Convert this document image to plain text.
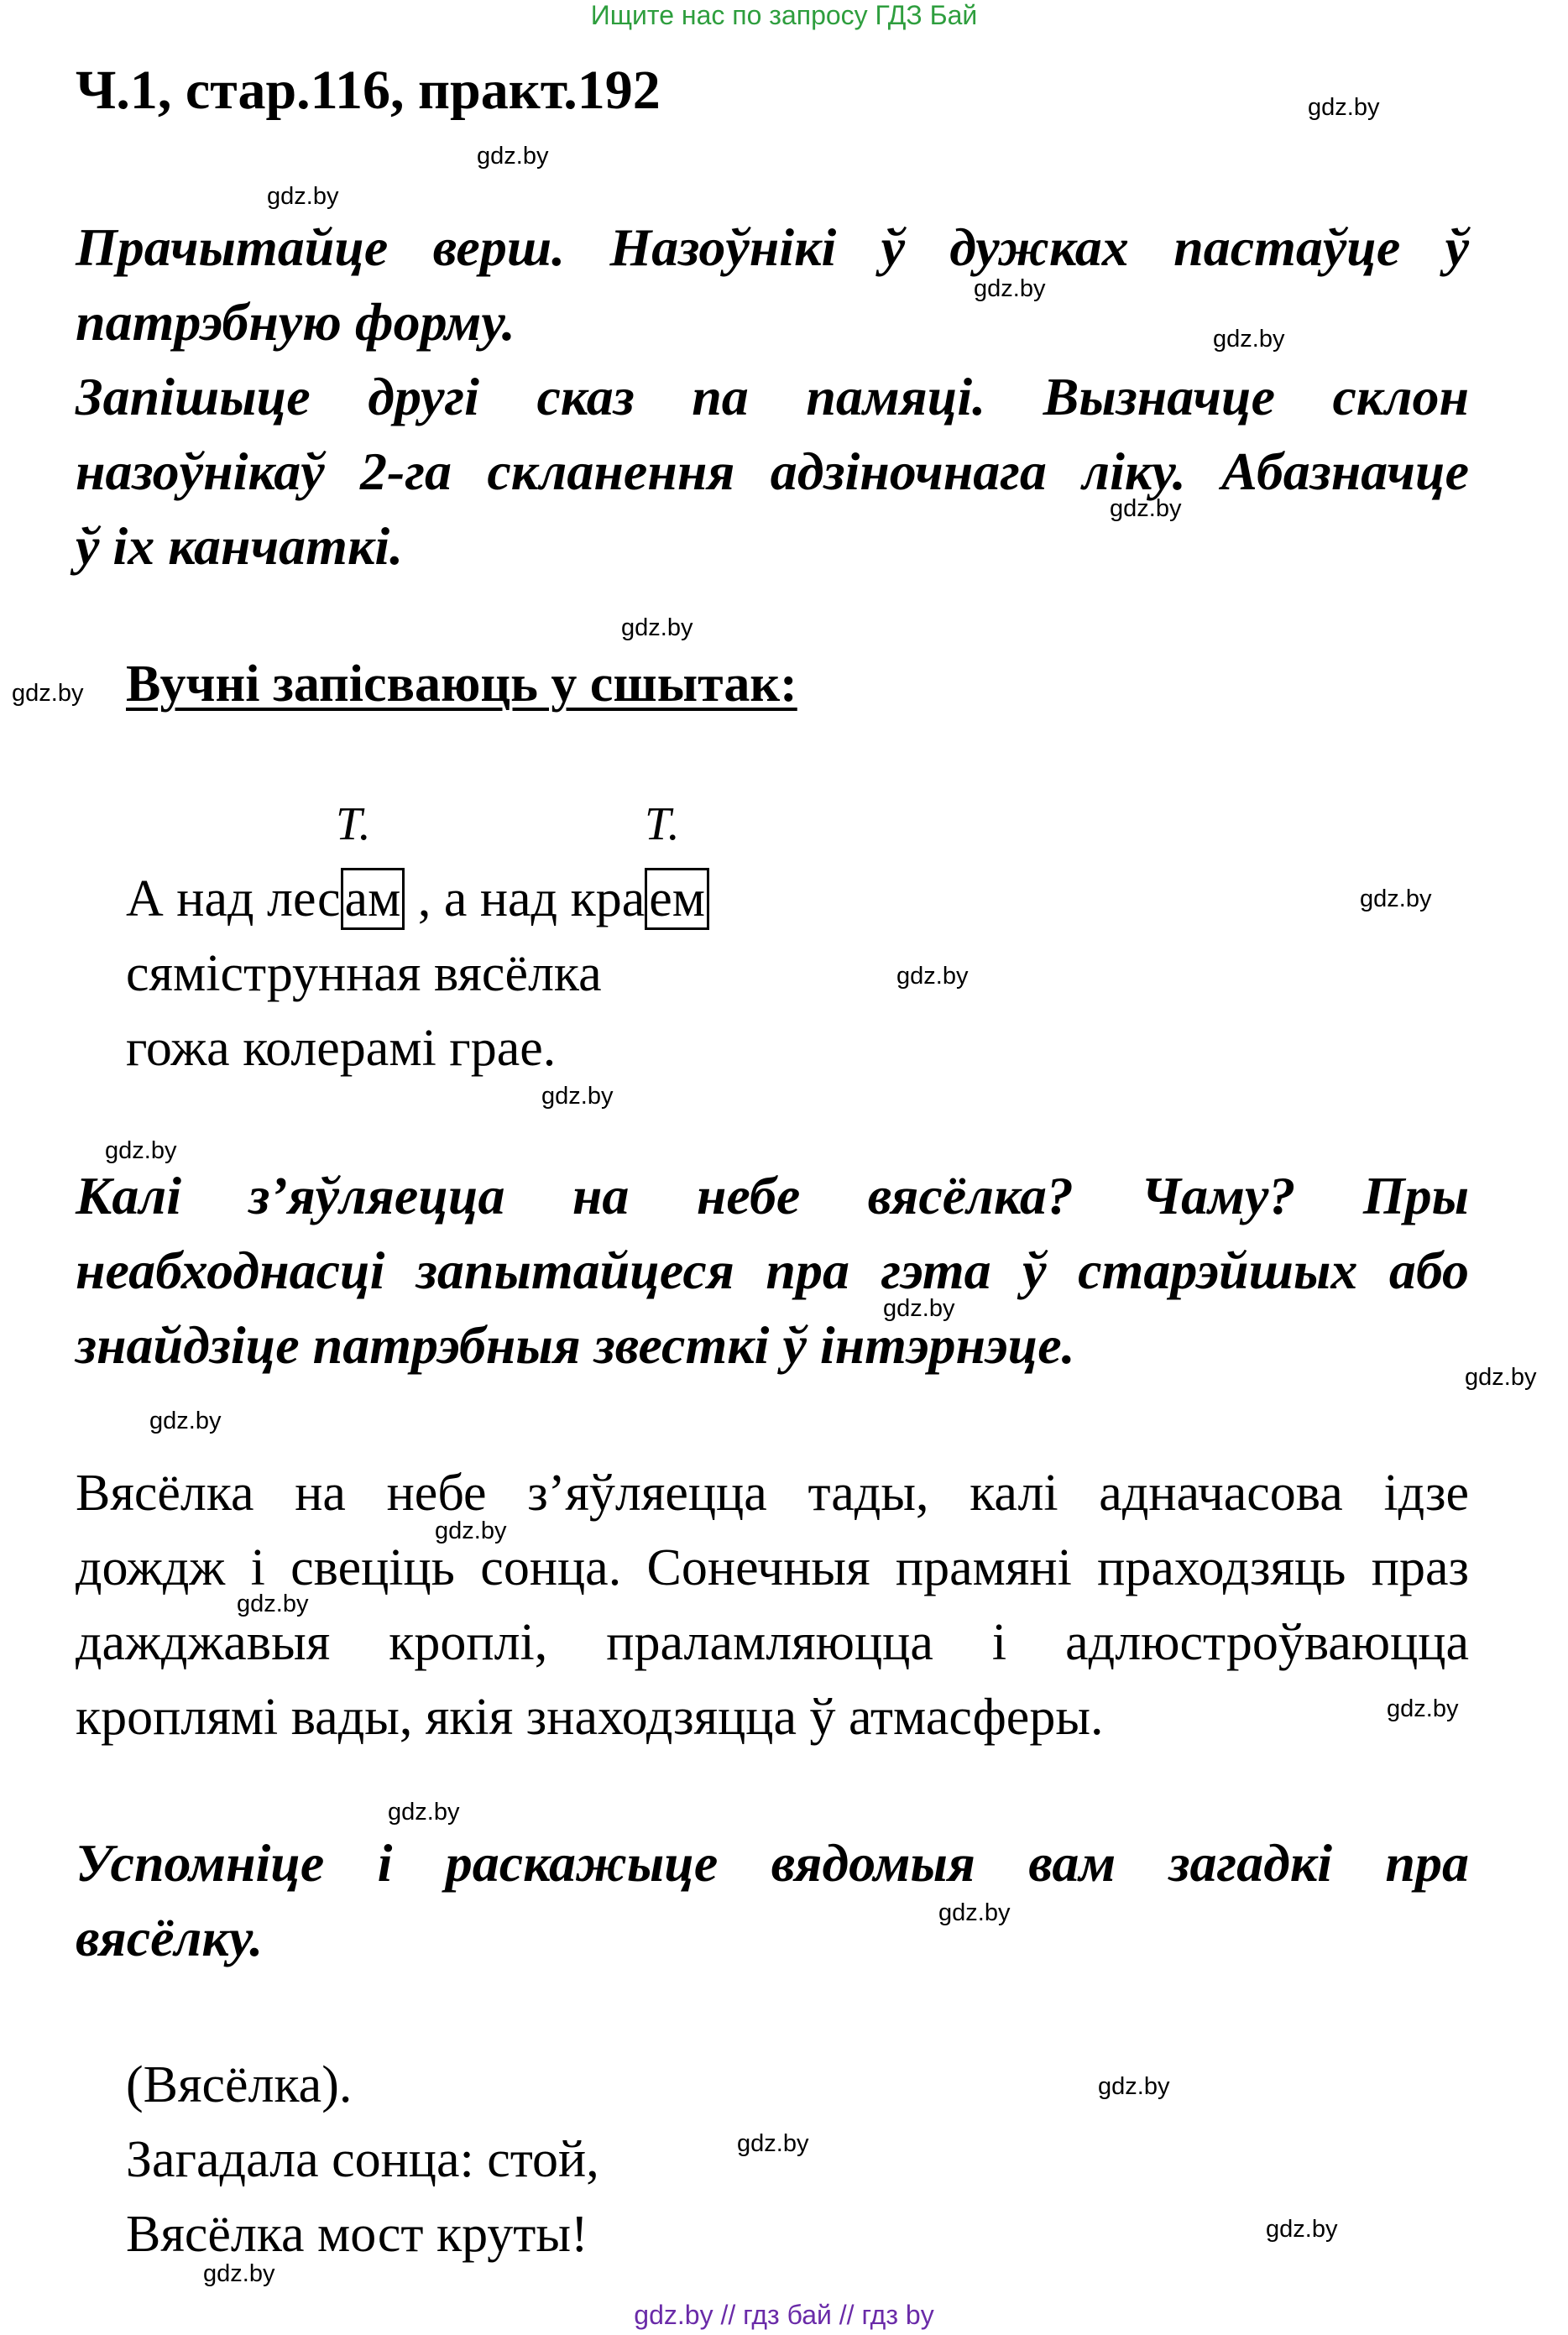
Ищите нас по запросу ГДЗ Бай
Ч.1, стар.116, практ.192
Прачытайце верш. Назоўнікі ў дужках пастаўце ў
патрэбную форму.
Запішыце другі сказ па памяці. Вызначце склон
назоўнікаў 2-га скланення адзіночнага ліку. Абазначце
ў іх канчаткі.
Вучні запісваюць у сшытак:
Т.	Т.
А над лесам , а над краем
сяміструнная вясёлка
гожа колерамі грае.
Калі з’яўляецца на небе вясёлка? Чаму? Пры
неабходнасці запытайцеся пра гэта ў старэйшых або
знайдзіце патрэбныя звесткі ў інтэрнэце.
Вясёлка на небе з’яўляецца тады, калі адначасова ідзе
дождж і свеціць сонца. Сонечныя прамяні праходзяць праз
дажджавыя кроплі, праламляюцца і адлюстроўваюцца
кроплямі вады, якія знаходзяцца ў атмасферы.
Успомніце і раскажыце вядомыя вам загадкі пра
вясёлку.
(Вясёлка).
Загадала сонца: стой,
Вясёлка мост круты!
gdz.by
gdz.by
gdz.by
gdz.by
gdz.by
gdz.by
gdz.by
gdz.by
gdz.by
gdz.by
gdz.by
gdz.by
gdz.by
gdz.by
gdz.by
gdz.by
gdz.by
gdz.by
gdz.by
gdz.by
gdz.by
gdz.by
gdz.by
gdz.by
gdz.by // гдз бай // гдз by
